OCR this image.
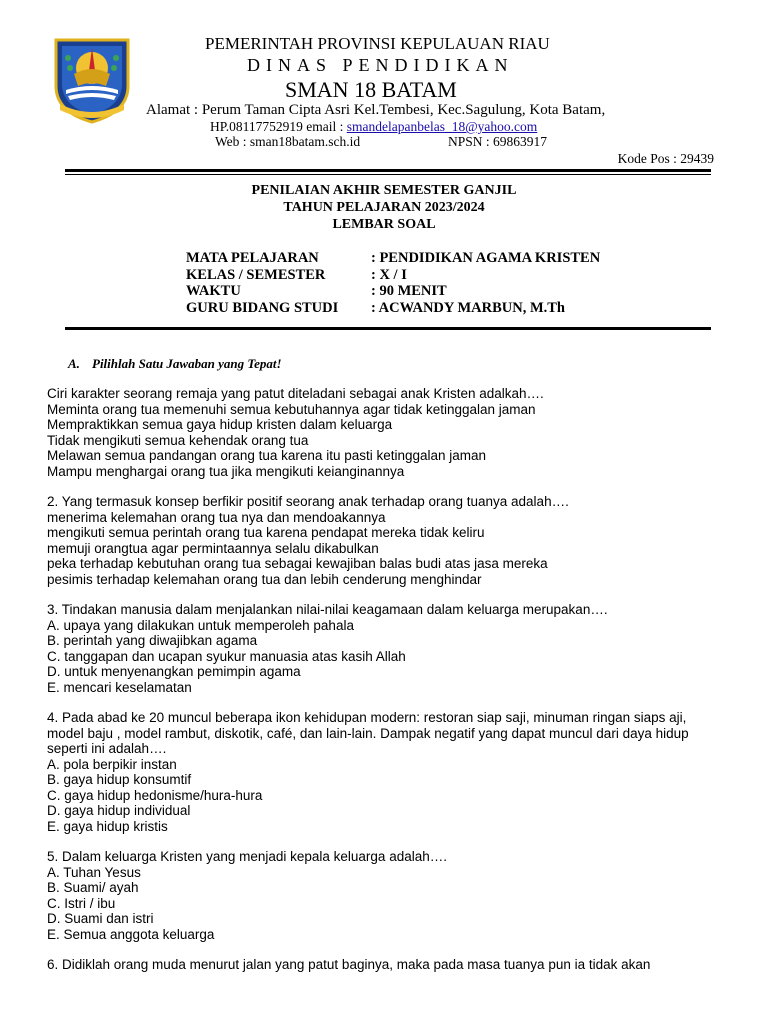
PEMERINTAH PROVINSI KEPULAUAN RIAU
DINAS PENDIDIKAN
SMAN 18 BATAM
Alamat : Perum Taman Cipta Asri Kel.Tembesi, Kec.Sagulung, Kota Batam,
HP.08117752919 email : smandelapanbelas_18@yahoo.com
Web : sman18batam.sch.id	NPSN : 69863917
Kode Pos : 29439
PENILAIAN AKHIR SEMESTER GANJIL
TAHUN PELAJARAN 2023/2024
LEMBAR SOAL
MATA PELAJARAN	: PENDIDIKAN AGAMA KRISTEN
KELAS / SEMESTER	: X / I
WAKTU	: 90 MENIT
GURU BIDANG STUDI	: ACWANDY MARBUN, M.Th
A. Pilihlah Satu Jawaban yang Tepat!
Ciri karakter seorang remaja yang patut diteladani sebagai anak Kristen adalkah….
Meminta orang tua memenuhi semua kebutuhannya agar tidak ketinggalan jaman
Mempraktikkan semua gaya hidup kristen dalam keluarga
Tidak mengikuti semua kehendak orang tua
Melawan semua pandangan orang tua karena itu pasti ketinggalan jaman
Mampu menghargai orang tua jika mengikuti keianginannya
2. Yang termasuk konsep berfikir positif seorang anak terhadap orang tuanya adalah….
menerima kelemahan orang tua nya dan mendoakannya
mengikuti semua perintah orang tua karena pendapat mereka tidak keliru
memuji orangtua agar permintaannya selalu dikabulkan
peka terhadap kebutuhan orang tua sebagai kewajiban balas budi atas jasa mereka
pesimis terhadap kelemahan orang tua dan lebih cenderung menghindar
3. Tindakan manusia dalam menjalankan nilai-nilai keagamaan dalam keluarga merupakan….
A. upaya yang dilakukan untuk memperoleh pahala
B. perintah yang diwajibkan agama
C. tanggapan dan ucapan syukur manuasia atas kasih Allah
D. untuk menyenangkan pemimpin agama
E. mencari keselamatan
4. Pada abad ke 20 muncul beberapa ikon kehidupan modern: restoran siap saji, minuman ringan siaps aji,
model baju , model rambut, diskotik, café, dan lain-lain. Dampak negatif yang dapat muncul dari daya hidup
seperti ini adalah….
A. pola berpikir instan
B. gaya hidup konsumtif
C. gaya hidup hedonisme/hura-hura
D. gaya hidup individual
E. gaya hidup kristis
5. Dalam keluarga Kristen yang menjadi kepala keluarga adalah….
A. Tuhan Yesus
B. Suami/ ayah
C. Istri / ibu
D. Suami dan istri
E. Semua anggota keluarga
6. Didiklah orang muda menurut jalan yang patut baginya, maka pada masa tuanya pun ia tidak akan
